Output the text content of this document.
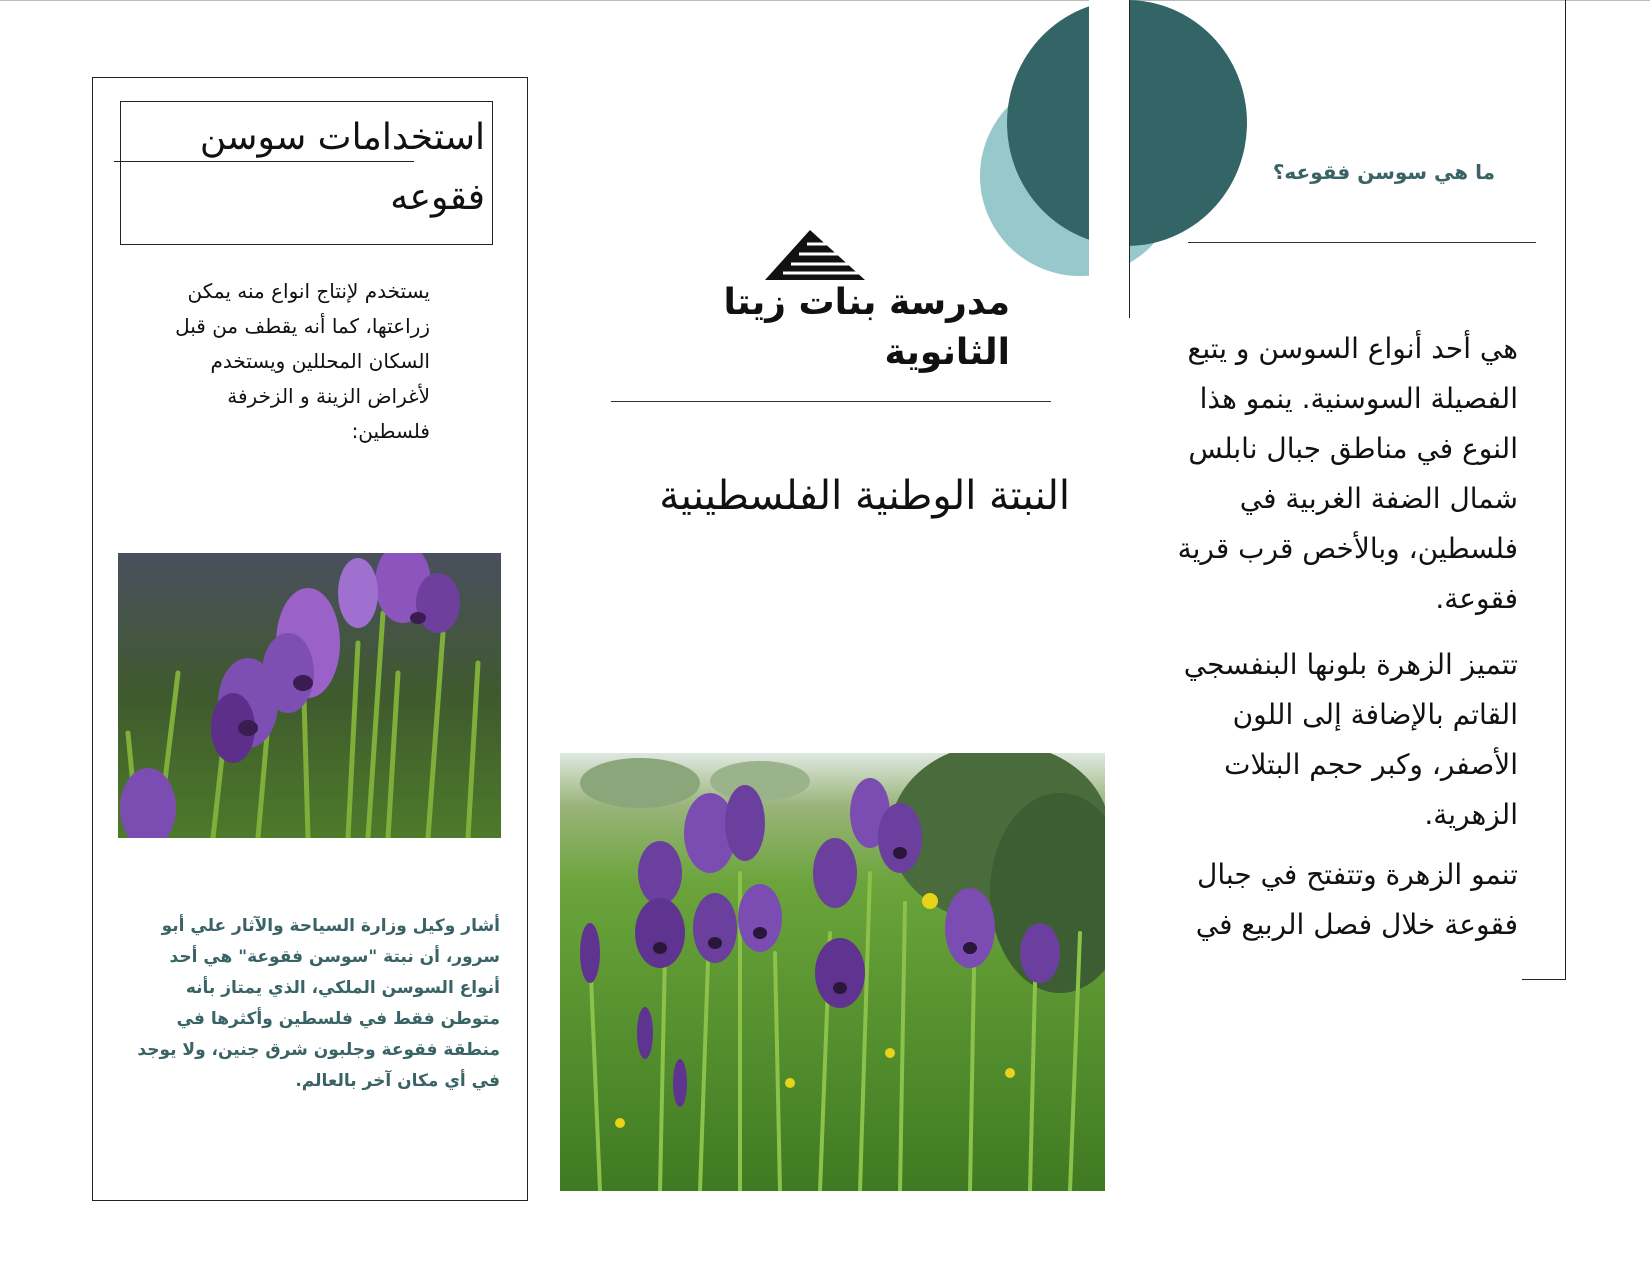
استخدامات سوسن فقوعه
يستخدم لإنتاج انواع منه يمكن زراعتها، كما أنه يقطف من قبل السكان المحللين ويستخدم لأغراض الزينة و الزخرفة فلسطين:
أشار وكيل وزارة السياحة والآثار علي أبو سرور، أن نبتة "سوسن فقوعة" هي أحد أنواع السوسن الملكي، الذي يمتاز بأنه متوطن فقط في فلسطين وأكثرها في منطقة فقوعة وجلبون شرق جنين، ولا يوجد في أي مكان آخر بالعالم.
مدرسة بنات زيتا الثانوية
النبتة الوطنية الفلسطينية
ما هي سوسن فقوعه؟
هي أحد أنواع السوسن و يتبع الفصيلة السوسنية. ينمو هذا النوع في مناطق جبال نابلس شمال الضفة الغربية في فلسطين، وبالأخص قرب قرية فقوعة.
تتميز الزهرة بلونها البنفسجي القاتم بالإضافة إلى اللون الأصفر، وكبر حجم البتلات الزهرية.
تنمو الزهرة وتتفتح في جبال فقوعة خلال فصل الربيع في
